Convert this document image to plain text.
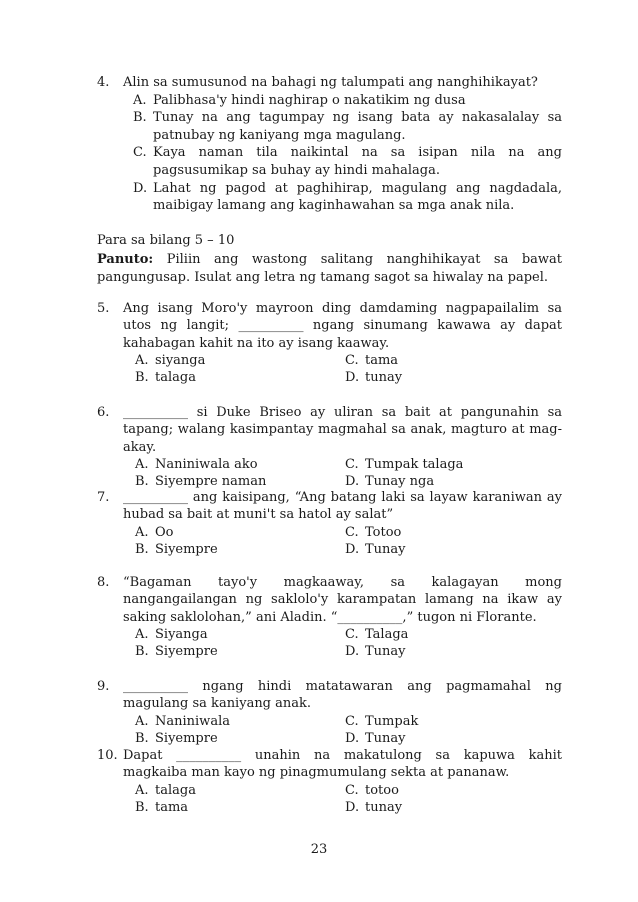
4.	Alin sa sumusunod na bahagi ng talumpati ang nanghihikayat?
A. Palibhasa'y hindi naghirap o nakatikim ng dusa
B. Tunay na ang tagumpay ng isang bata ay nakasalalay sa patnubay ng kaniyang mga magulang.
C. Kaya naman tila naikintal na sa isipan nila na ang pagsusumikap sa buhay ay hindi mahalaga.
D. Lahat ng pagod at paghihirap, magulang ang nagdadala, maibigay lamang ang kaginhawahan sa mga anak nila.
Para sa bilang 5 – 10
Panuto: Piliin ang wastong salitang nanghihikayat sa bawat pangungusap. Isulat ang letra ng tamang sagot sa hiwalay na papel.
5.	Ang isang Moro'y mayroon ding damdaming nagpapailalim sa utos ng langit; __________ ngang sinumang kawawa ay dapat kahabagan kahit na ito ay isang kaaway.
A. siyanga	C. tama
B. talaga	D. tunay
6.	__________ si Duke Briseo ay uliran sa bait at pangunahin sa tapang; walang kasimpantay magmahal sa anak, magturo at mag-akay.
A. Naniniwala ako	C. Tumpak talaga
B. Siyempre naman	D. Tunay nga
7.	__________ ang kaisipang, “Ang batang laki sa layaw karaniwan ay hubad sa bait at muni't sa hatol ay salat”
A. Oo	C. Totoo
B. Siyempre	D. Tunay
8.	“Bagaman tayo'y magkaaway, sa kalagayan mong nangangailangan ng saklolo'y karampatan lamang na ikaw ay saking saklolohan,” ani Aladin. “__________,” tugon ni Florante.
A. Siyanga	C. Talaga
B. Siyempre	D. Tunay
9.	__________ ngang hindi matatawaran ang pagmamahal ng magulang sa kaniyang anak.
A. Naniniwala	C. Tumpak
B. Siyempre	D. Tunay
10. Dapat __________ unahin na makatulong sa kapuwa kahit magkaiba man kayo ng pinagmumulang sekta at pananaw.
A. talaga	C. totoo
B. tama	D. tunay
23
